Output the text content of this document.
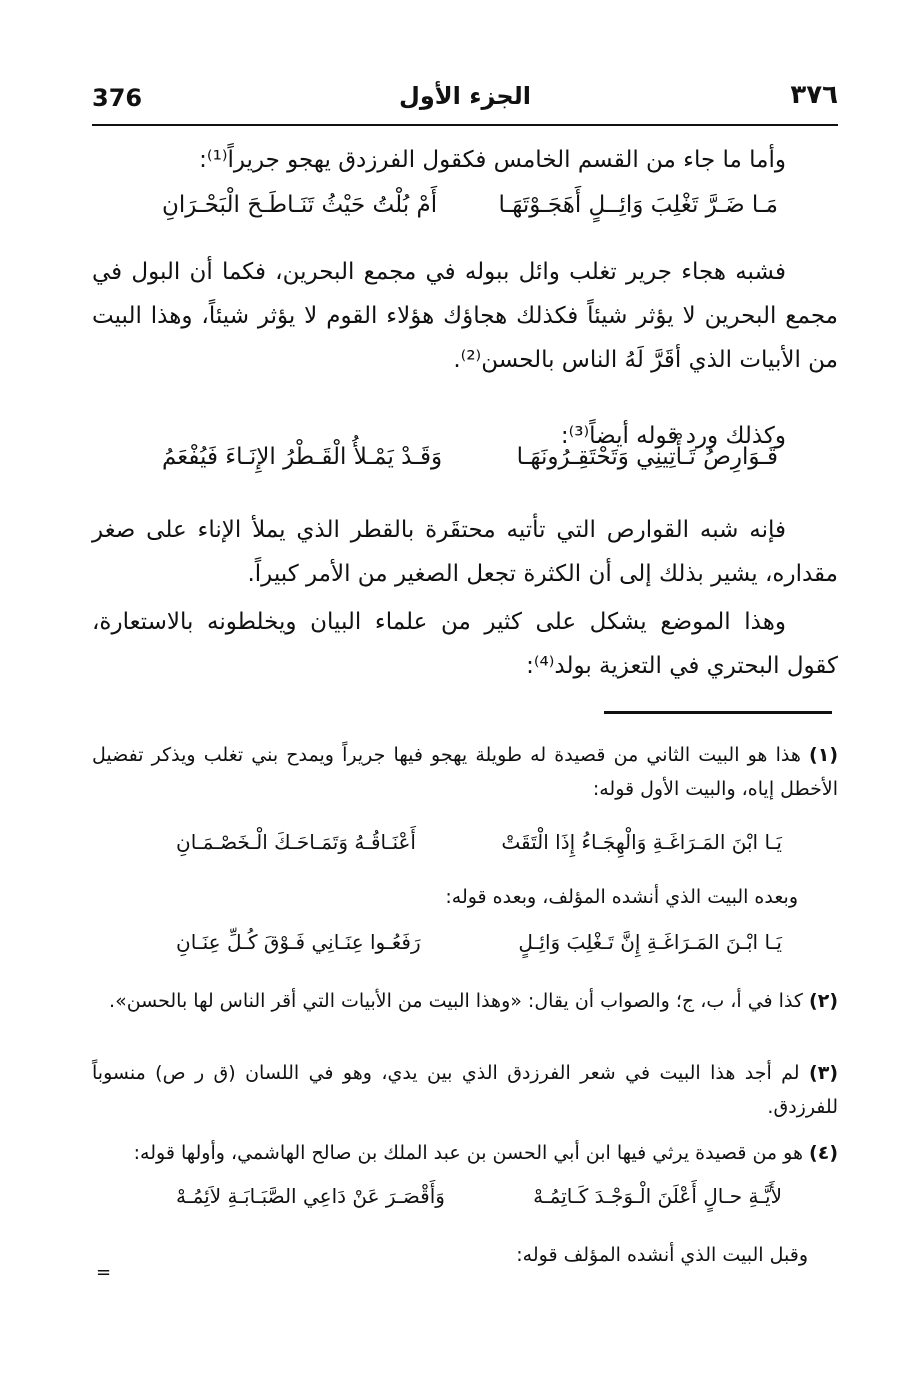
376	الجزء الأول	٣٧٦

وأما ما جاء من القسم الخامس فكقول الفرزدق يهجو جريراً⁽¹⁾:

مَـا ضَـرَّ تَغْلِبَ وَائِــلٍ أَهَجَـوْتَهَـا
أَمْ بُلْتُ حَيْثُ تَنَـاطَـحَ الْبَحْـرَانِ

فشبه هجاء جرير تغلب وائل ببوله في مجمع البحرين، فكما أن البول في مجمع البحرين لا يؤثر شيئاً فكذلك هجاؤك هؤلاء القوم لا يؤثر شيئاً، وهذا البيت من الأبيات الذي أقَرَّ لَهُ الناس بالحسن⁽²⁾.

وكذلك ورد قوله أيضاً⁽³⁾:

قَـوَارِصُ تَـأْتِينِي وَتَحْتَقِـرُونَهَـا
وَقَـدْ يَمْـلأُ الْقَـطْرُ الإِنَـاءَ فَيُفْعَمُ

فإنه شبه القوارص التي تأتيه محتقَرة بالقطر الذي يملأ الإناء على صغر مقداره، يشير بذلك إلى أن الكثرة تجعل الصغير من الأمر كبيراً.

وهذا الموضع يشكل على كثير من علماء البيان ويخلطونه بالاستعارة، كقول البحتري في التعزية بولد⁽⁴⁾:

(١) هذا هو البيت الثاني من قصيدة له طويلة يهجو فيها جريراً ويمدح بني تغلب ويذكر تفضيل الأخطل إياه، والبيت الأول قوله:

يَـا ابْنَ المَـرَاغَـةِ وَالْهِجَـاءُ إِذَا الْتَقَتْ
أَعْنَـاقُـهُ وَتَمَـاحَـكَ الْـخَصْـمَـانِ

وبعده البيت الذي أنشده المؤلف، وبعده قوله:

يَـا ابْـنَ المَـرَاغَـةِ إِنَّ تَـغْلِبَ وَائِـلٍ
رَفَعُـوا عِنَـانِي فَـوْقَ كُـلِّ عِنَـانِ

(٢) كذا في أ، ب، ج؛ والصواب أن يقال: «وهذا البيت من الأبيات التي أقر الناس لها بالحسن».

(٣) لم أجد هذا البيت في شعر الفرزدق الذي بين يدي، وهو في اللسان (ق ر ص) منسوباً للفرزدق.

(٤) هو من قصيدة يرثي فيها ابن أبي الحسن بن عبد الملك بن صالح الهاشمي، وأولها قوله:

لأَيَّـةِ حـالٍ أَعْلَنَ الْـوَجْـدَ كَـاتِمُـهْ
وَأَقْصَـرَ عَنْ دَاعِي الصَّبَـابَـةِ لاَئِمُـهْ

وقبل البيت الذي أنشده المؤلف قوله:

=
